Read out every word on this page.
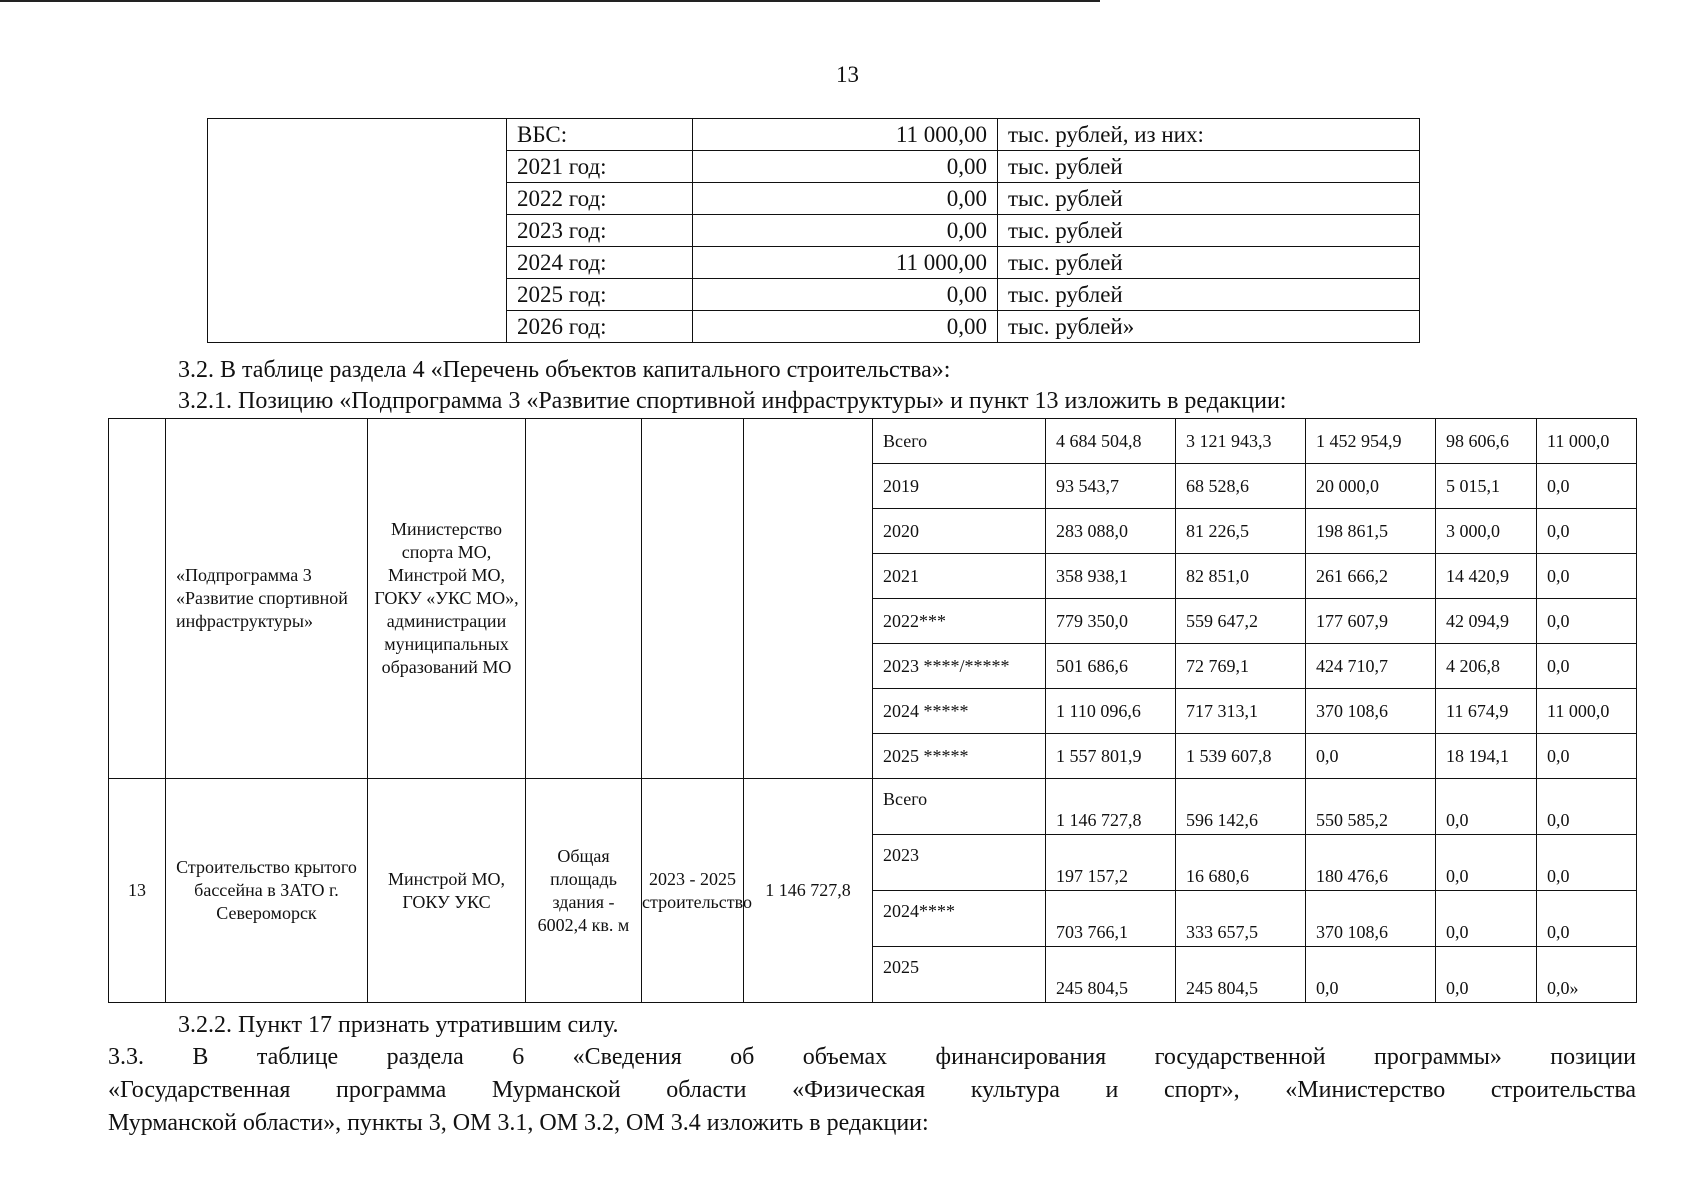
13
	ВБС:	11 000,00	тыс. рублей, из них:
	2021 год:	0,00	тыс. рублей
	2022 год:	0,00	тыс. рублей
	2023 год:	0,00	тыс. рублей
	2024 год:	11 000,00	тыс. рублей
	2025 год:	0,00	тыс. рублей
	2026 год:	0,00	тыс. рублей»
3.2. В таблице раздела 4 «Перечень объектов капитального строительства»:
3.2.1. Позицию «Подпрограмма 3 «Развитие спортивной инфраструктуры» и пункт 13 изложить в редакции:
	«Подпрограмма 3 «Развитие спортивной инфраструктуры»	Министерство спорта МО, Минстрой МО, ГОКУ «УКС МО», администрации муниципальных образований МО				Всего	4 684 504,8	3 121 943,3	1 452 954,9	98 606,6	11 000,0
						2019	93 543,7	68 528,6	20 000,0	5 015,1	0,0
						2020	283 088,0	81 226,5	198 861,5	3 000,0	0,0
						2021	358 938,1	82 851,0	261 666,2	14 420,9	0,0
						2022***	779 350,0	559 647,2	177 607,9	42 094,9	0,0
						2023 ****/*****	501 686,6	72 769,1	424 710,7	4 206,8	0,0
						2024 *****	1 110 096,6	717 313,1	370 108,6	11 674,9	11 000,0
						2025 *****	1 557 801,9	1 539 607,8	0,0	18 194,1	0,0
13	Строительство крытого бассейна в ЗАТО г. Североморск	Минстрой МО, ГОКУ УКС	Общая площадь здания - 6002,4 кв. м	2023 - 2025 строительство	1 146 727,8	Всего	1 146 727,8	596 142,6	550 585,2	0,0	0,0
						2023	197 157,2	16 680,6	180 476,6	0,0	0,0
						2024****	703 766,1	333 657,5	370 108,6	0,0	0,0
						2025	245 804,5	245 804,5	0,0	0,0	0,0»
3.2.2. Пункт 17 признать утратившим силу.
3.3. В таблице раздела 6 «Сведения об объемах финансирования государственной программы» позиции
«Государственная программа Мурманской области «Физическая культура и спорт», «Министерство строительства
Мурманской области», пункты 3, ОМ 3.1, ОМ 3.2, ОМ 3.4 изложить в редакции:
